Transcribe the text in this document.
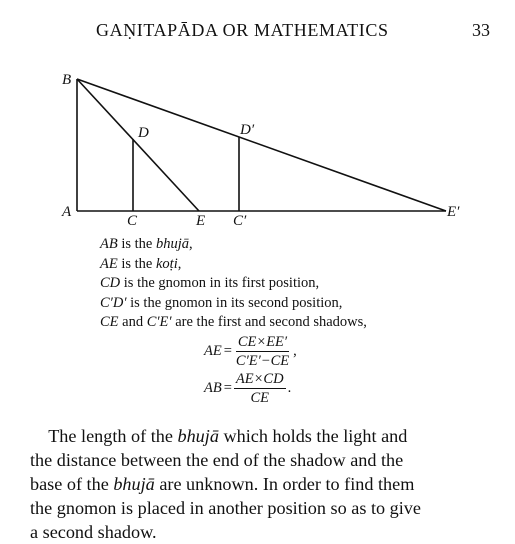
GAṆITAPĀDA OR MATHEMATICS	33
B
A
D	D′
C	E C′
E′
AB is the bhujā,
AE is the koṭi,
CD is the gnomon in its first position,
C′D′ is the gnomon in its second position,
CE and C′E′ are the first and second shadows,
AE = $\frac{CE\times EE'}{C'E'-CE}$ ,
AB = $\frac{AE\times CD}{CE}$ .
The length of the bhujā which holds the light and
the distance between the end of the shadow and the
base of the bhujā are unknown. In order to find them
the gnomon is placed in another position so as to give
a second shadow.
